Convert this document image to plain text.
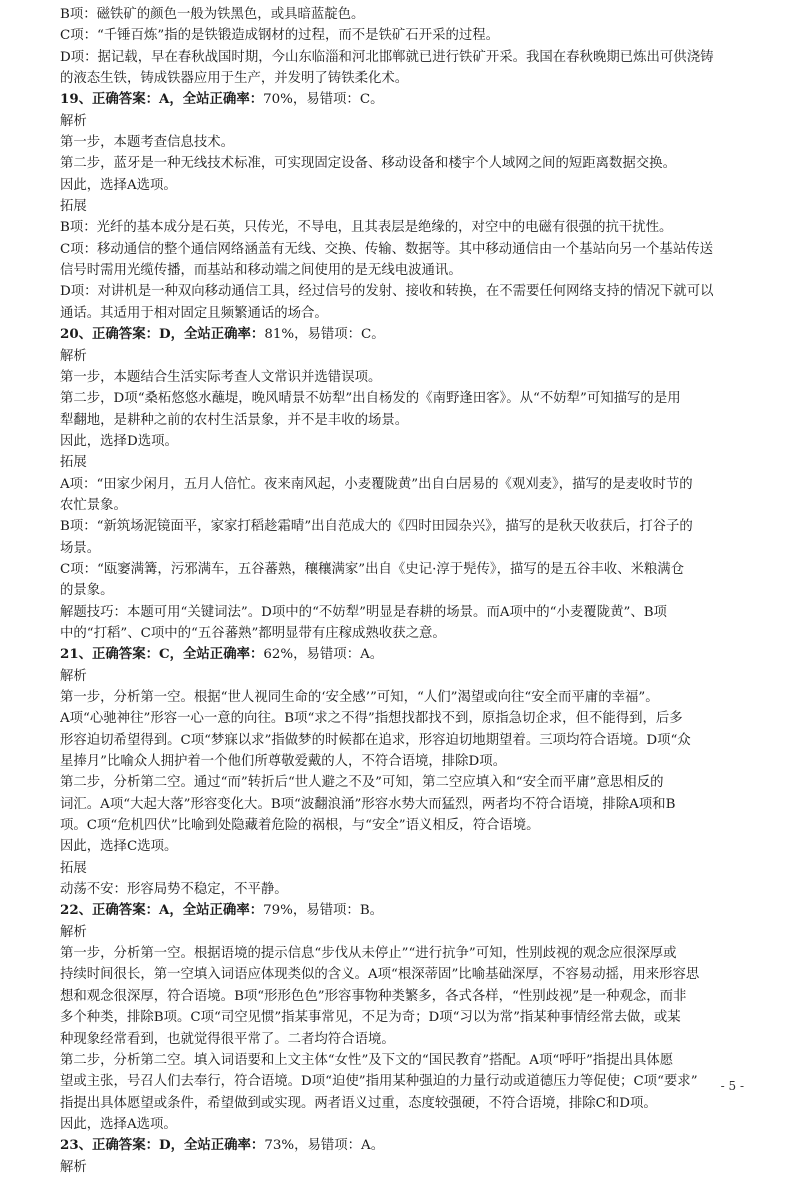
B项：磁铁矿的颜色一般为铁黑色，或具暗蓝靛色。
C项：“千锤百炼”指的是铁锻造成钢材的过程，而不是铁矿石开采的过程。
D项：据记载，早在春秋战国时期，今山东临淄和河北邯郸就已进行铁矿开采。我国在春秋晚期已炼出可供浇铸
的液态生铁，铸成铁器应用于生产，并发明了铸铁柔化术。
19、正确答案：A，全站正确率：70%，易错项：C。
解析
第一步，本题考查信息技术。
第二步，蓝牙是一种无线技术标准，可实现固定设备、移动设备和楼宇个人域网之间的短距离数据交换。
因此，选择A选项。
拓展
B项：光纤的基本成分是石英，只传光，不导电，且其表层是绝缘的，对空中的电磁有很强的抗干扰性。
C项：移动通信的整个通信网络涵盖有无线、交换、传输、数据等。其中移动通信由一个基站向另一个基站传送
信号时需用光缆传播，而基站和移动端之间使用的是无线电波通讯。
D项：对讲机是一种双向移动通信工具，经过信号的发射、接收和转换，在不需要任何网络支持的情况下就可以
通话。其适用于相对固定且频繁通话的场合。
20、正确答案：D，全站正确率：81%，易错项：C。
解析
第一步，本题结合生活实际考查人文常识并选错误项。
第二步，D项“桑柘悠悠水蘸堤，晚风晴景不妨犁”出自杨发的《南野逢田客》。从“不妨犁”可知描写的是用
犁翻地，是耕种之前的农村生活景象，并不是丰收的场景。
因此，选择D选项。
拓展
A项：“田家少闲月，五月人倍忙。夜来南风起，小麦覆陇黄”出自白居易的《观刈麦》，描写的是麦收时节的
农忙景象。
B项：“新筑场泥镜面平，家家打稻趁霜晴”出自范成大的《四时田园杂兴》，描写的是秋天收获后，打谷子的
场景。
C项：“瓯窭满篝，污邪满车，五谷蕃熟，穰穰满家”出自《史记·淳于髡传》，描写的是五谷丰收、米粮满仓
的景象。
解题技巧：本题可用“关键词法”。D项中的“不妨犁”明显是春耕的场景。而A项中的“小麦覆陇黄”、B项
中的“打稻”、C项中的“五谷蕃熟”都明显带有庄稼成熟收获之意。
21、正确答案：C，全站正确率：62%，易错项：A。
解析
第一步，分析第一空。根据“世人视同生命的‘安全感’”可知，“人们”渴望或向往“安全而平庸的幸福”。
A项“心驰神往”形容一心一意的向往。B项“求之不得”指想找都找不到，原指急切企求，但不能得到，后多
形容迫切希望得到。C项“梦寐以求”指做梦的时候都在追求，形容迫切地期望着。三项均符合语境。D项“众
星捧月”比喻众人拥护着一个他们所尊敬爱戴的人，不符合语境，排除D项。
第二步，分析第二空。通过“而”转折后“世人避之不及”可知，第二空应填入和“安全而平庸”意思相反的
词汇。A项“大起大落”形容变化大。B项“波翻浪涌”形容水势大而猛烈，两者均不符合语境，排除A项和B
项。C项“危机四伏”比喻到处隐藏着危险的祸根，与“安全”语义相反，符合语境。
因此，选择C选项。
拓展
动荡不安：形容局势不稳定，不平静。
22、正确答案：A，全站正确率：79%，易错项：B。
解析
第一步，分析第一空。根据语境的提示信息“步伐从未停止”“进行抗争”可知，性别歧视的观念应很深厚或
持续时间很长，第一空填入词语应体现类似的含义。A项“根深蒂固”比喻基础深厚，不容易动摇，用来形容思
想和观念很深厚，符合语境。B项“形形色色”形容事物种类繁多，各式各样，“性别歧视”是一种观念，而非
多个种类，排除B项。C项“司空见惯”指某事常见，不足为奇；D项“习以为常”指某种事情经常去做，或某
种现象经常看到，也就觉得很平常了。二者均符合语境。
第二步，分析第二空。填入词语要和上文主体“女性”及下文的“国民教育”搭配。A项“呼吁”指提出具体愿
望或主张，号召人们去奉行，符合语境。D项“迫使”指用某种强迫的力量行动或道德压力等促使；C项“要求”
指提出具体愿望或条件，希望做到或实现。两者语义过重，态度较强硬，不符合语境，排除C和D项。
因此，选择A选项。
23、正确答案：D，全站正确率：73%，易错项：A。
解析
- 5 -
